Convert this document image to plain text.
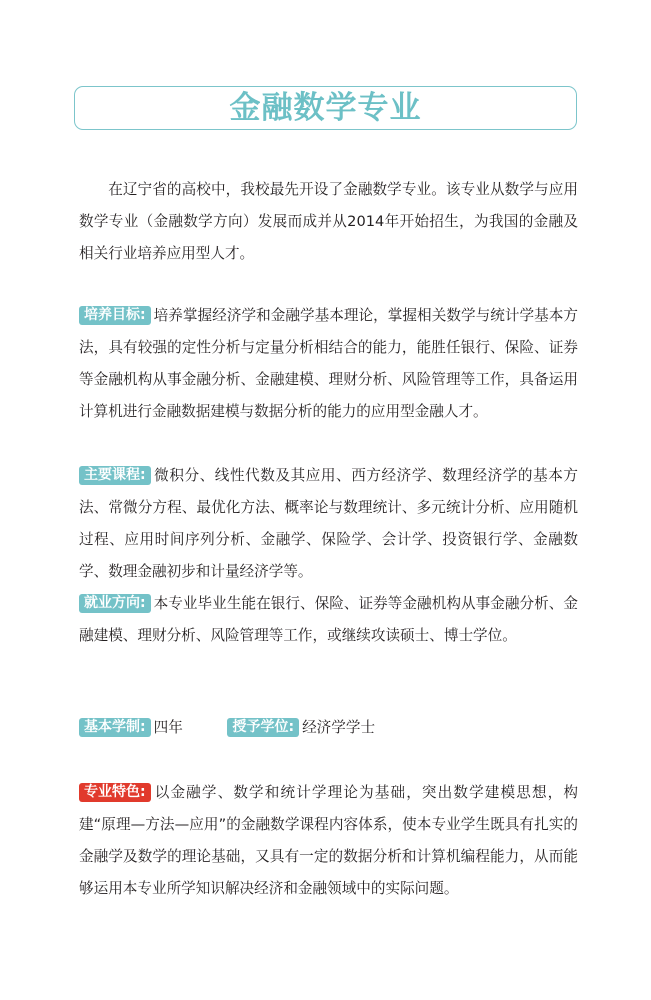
金融数学专业

在辽宁省的高校中，我校最先开设了金融数学专业。该专业从数学与应用数学专业（金融数学方向）发展而成并从2014年开始招生，为我国的金融及相关行业培养应用型人才。

培养目标: 培养掌握经济学和金融学基本理论，掌握相关数学与统计学基本方法，具有较强的定性分析与定量分析相结合的能力，能胜任银行、保险、证券等金融机构从事金融分析、金融建模、理财分析、风险管理等工作，具备运用计算机进行金融数据建模与数据分析的能力的应用型金融人才。

主要课程: 微积分、线性代数及其应用、西方经济学、数理经济学的基本方法、常微分方程、最优化方法、概率论与数理统计、多元统计分析、应用随机过程、应用时间序列分析、金融学、保险学、会计学、投资银行学、金融数学、数理金融初步和计量经济学等。

就业方向: 本专业毕业生能在银行、保险、证券等金融机构从事金融分析、金融建模、理财分析、风险管理等工作，或继续攻读硕士、博士学位。

基本学制: 四年	授予学位: 经济学学士

专业特色: 以金融学、数学和统计学理论为基础，突出数学建模思想，构建“原理—方法—应用”的金融数学课程内容体系，使本专业学生既具有扎实的金融学及数学的理论基础，又具有一定的数据分析和计算机编程能力，从而能够运用本专业所学知识解决经济和金融领域中的实际问题。
